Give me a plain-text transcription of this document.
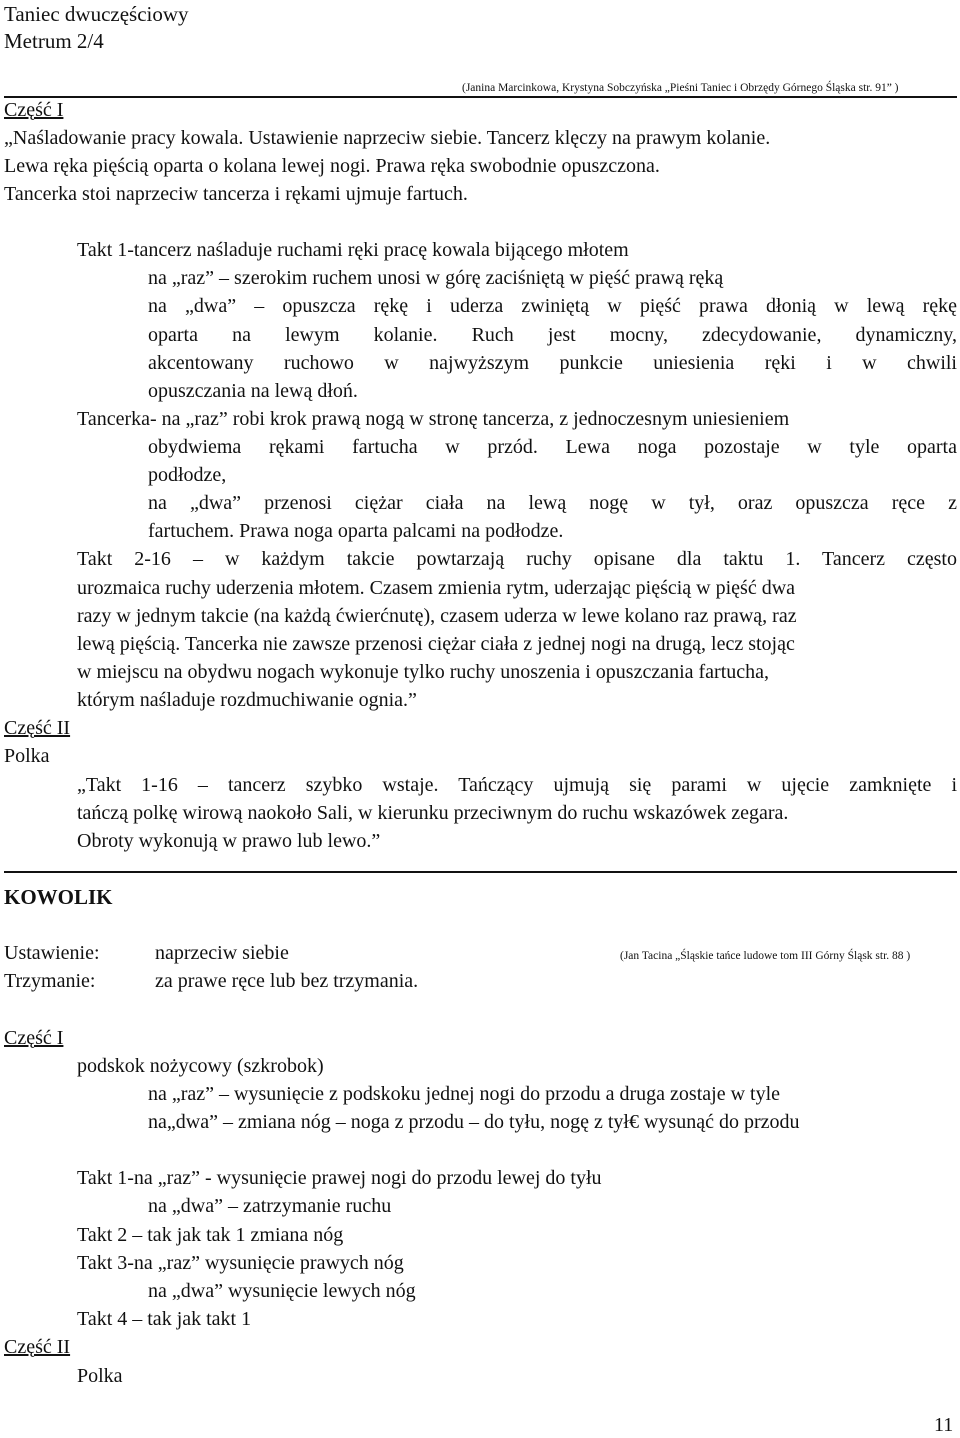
Taniec dwuczęściowy
Metrum 2/4
(Janina Marcinkowa, Krystyna Sobczyńska „Pieśni Taniec i Obrzędy Górnego Śląska str. 91” )
Część I
„Naśladowanie pracy kowala. Ustawienie naprzeciw siebie. Tancerz klęczy na prawym kolanie.
Lewa ręka pięścią oparta o kolana lewej nogi. Prawa ręka swobodnie opuszczona.
Tancerka stoi naprzeciw tancerza i rękami ujmuje fartuch.
Takt 1-tancerz naśladuje ruchami ręki pracę kowala bijącego młotem
na „raz” – szerokim ruchem unosi w górę zaciśniętą w pięść prawą ręką
na „dwa” – opuszcza rękę i uderza zwiniętą w pięść prawa dłonią w lewą rękę
oparta na lewym kolanie. Ruch jest mocny, zdecydowanie, dynamiczny,
akcentowany ruchowo w najwyższym punkcie uniesienia ręki i w chwili
opuszczania na lewą dłoń.
Tancerka- na „raz” robi krok prawą nogą w stronę tancerza, z jednoczesnym uniesieniem
obydwiema rękami fartucha w przód. Lewa noga pozostaje w tyle oparta
podłodze,
na „dwa” przenosi ciężar ciała na lewą nogę w tył, oraz opuszcza ręce z
fartuchem. Prawa noga oparta palcami na podłodze.
Takt 2-16 – w każdym takcie powtarzają ruchy opisane dla taktu 1. Tancerz często
urozmaica ruchy uderzenia młotem. Czasem zmienia rytm, uderzając pięścią w pięść dwa
razy w jednym takcie (na każdą ćwierćnutę), czasem uderza w lewe kolano raz prawą, raz
lewą pięścią. Tancerka nie zawsze przenosi ciężar ciała z jednej nogi na drugą, lecz stojąc
w miejscu na obydwu nogach wykonuje tylko ruchy unoszenia i opuszczania fartucha,
którym naśladuje rozdmuchiwanie ognia.”
Część II
Polka
„Takt 1-16 – tancerz szybko wstaje. Tańczący ujmują się parami w ujęcie zamknięte i
tańczą polkę wirową naokoło Sali, w kierunku przeciwnym do ruchu wskazówek zegara.
Obroty wykonują w prawo lub lewo.”
KOWOLIK
Ustawienie:	naprzeciw siebie	(Jan Tacina „Śląskie tańce ludowe tom III Górny Śląsk str. 88 )
Trzymanie:	za prawe ręce lub bez trzymania.
Część I
podskok nożycowy (szkrobok)
na „raz” – wysunięcie z podskoku jednej nogi do przodu a druga zostaje w tyle
na„dwa” – zmiana nóg – noga z przodu – do tyłu, nogę z tył€ wysunąć do przodu
Takt 1-na „raz” - wysunięcie prawej nogi do przodu lewej do tyłu
na „dwa” – zatrzymanie ruchu
Takt 2 – tak jak tak 1 zmiana nóg
Takt 3-na „raz” wysunięcie prawych nóg
na „dwa” wysunięcie lewych nóg
Takt 4 – tak jak takt 1
Część II
Polka
11
